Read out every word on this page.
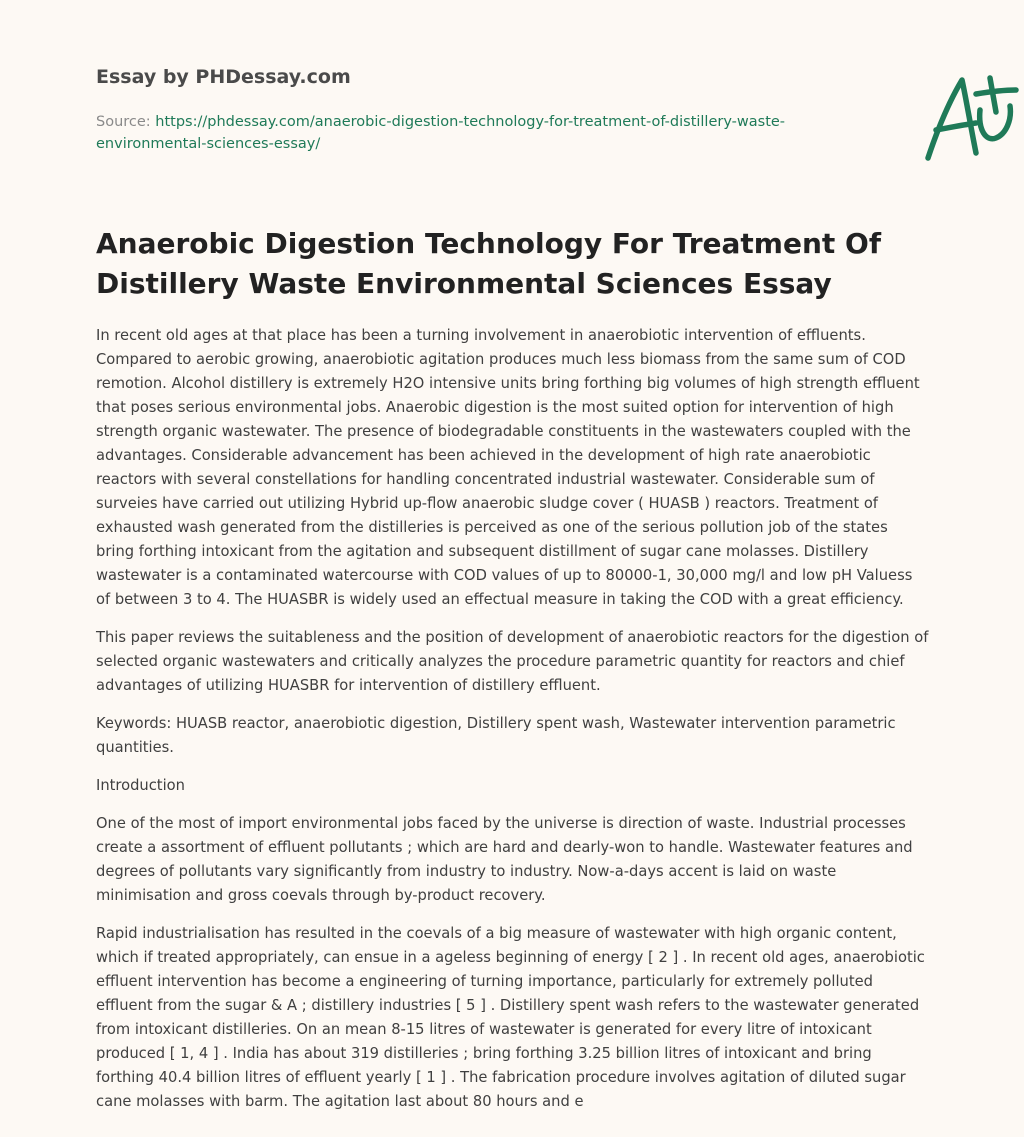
Essay by PHDessay.com
Source: https://phdessay.com/anaerobic-digestion-technology-for-treatment-of-distillery-waste-environmental-sciences-essay/
Anaerobic Digestion Technology For Treatment Of Distillery Waste Environmental Sciences Essay

In recent old ages at that place has been a turning involvement in anaerobiotic intervention of effluents. Compared to aerobic growing, anaerobiotic agitation produces much less biomass from the same sum of COD remotion. Alcohol distillery is extremely H2O intensive units bring forthing big volumes of high strength effluent that poses serious environmental jobs. Anaerobic digestion is the most suited option for intervention of high strength organic wastewater. The presence of biodegradable constituents in the wastewaters coupled with the advantages. Considerable advancement has been achieved in the development of high rate anaerobiotic reactors with several constellations for handling concentrated industrial wastewater. Considerable sum of surveies have carried out utilizing Hybrid up-flow anaerobic sludge cover ( HUASB ) reactors. Treatment of exhausted wash generated from the distilleries is perceived as one of the serious pollution job of the states bring forthing intoxicant from the agitation and subsequent distillment of sugar cane molasses. Distillery wastewater is a contaminated watercourse with COD values of up to 80000-1, 30,000 mg/l and low pH Valuess of between 3 to 4. The HUASBR is widely used an effectual measure in taking the COD with a great efficiency.

This paper reviews the suitableness and the position of development of anaerobiotic reactors for the digestion of selected organic wastewaters and critically analyzes the procedure parametric quantity for reactors and chief advantages of utilizing HUASBR for intervention of distillery effluent.

Keywords: HUASB reactor, anaerobiotic digestion, Distillery spent wash, Wastewater intervention parametric quantities.

Introduction

One of the most of import environmental jobs faced by the universe is direction of waste. Industrial processes create a assortment of effluent pollutants ; which are hard and dearly-won to handle. Wastewater features and degrees of pollutants vary significantly from industry to industry. Now-a-days accent is laid on waste minimisation and gross coevals through by-product recovery.

Rapid industrialisation has resulted in the coevals of a big measure of wastewater with high organic content, which if treated appropriately, can ensue in a ageless beginning of energy [ 2 ] . In recent old ages, anaerobiotic effluent intervention has become a engineering of turning importance, particularly for extremely polluted effluent from the sugar & A ; distillery industries [ 5 ] . Distillery spent wash refers to the wastewater generated from intoxicant distilleries. On an mean 8-15 litres of wastewater is generated for every litre of intoxicant produced [ 1, 4 ] . India has about 319 distilleries ; bring forthing 3.25 billion litres of intoxicant and bring forthing 40.4 billion litres of effluent yearly [ 1 ] . The fabrication procedure involves agitation of diluted sugar cane molasses with barm. The agitation last about 80 hours and e
